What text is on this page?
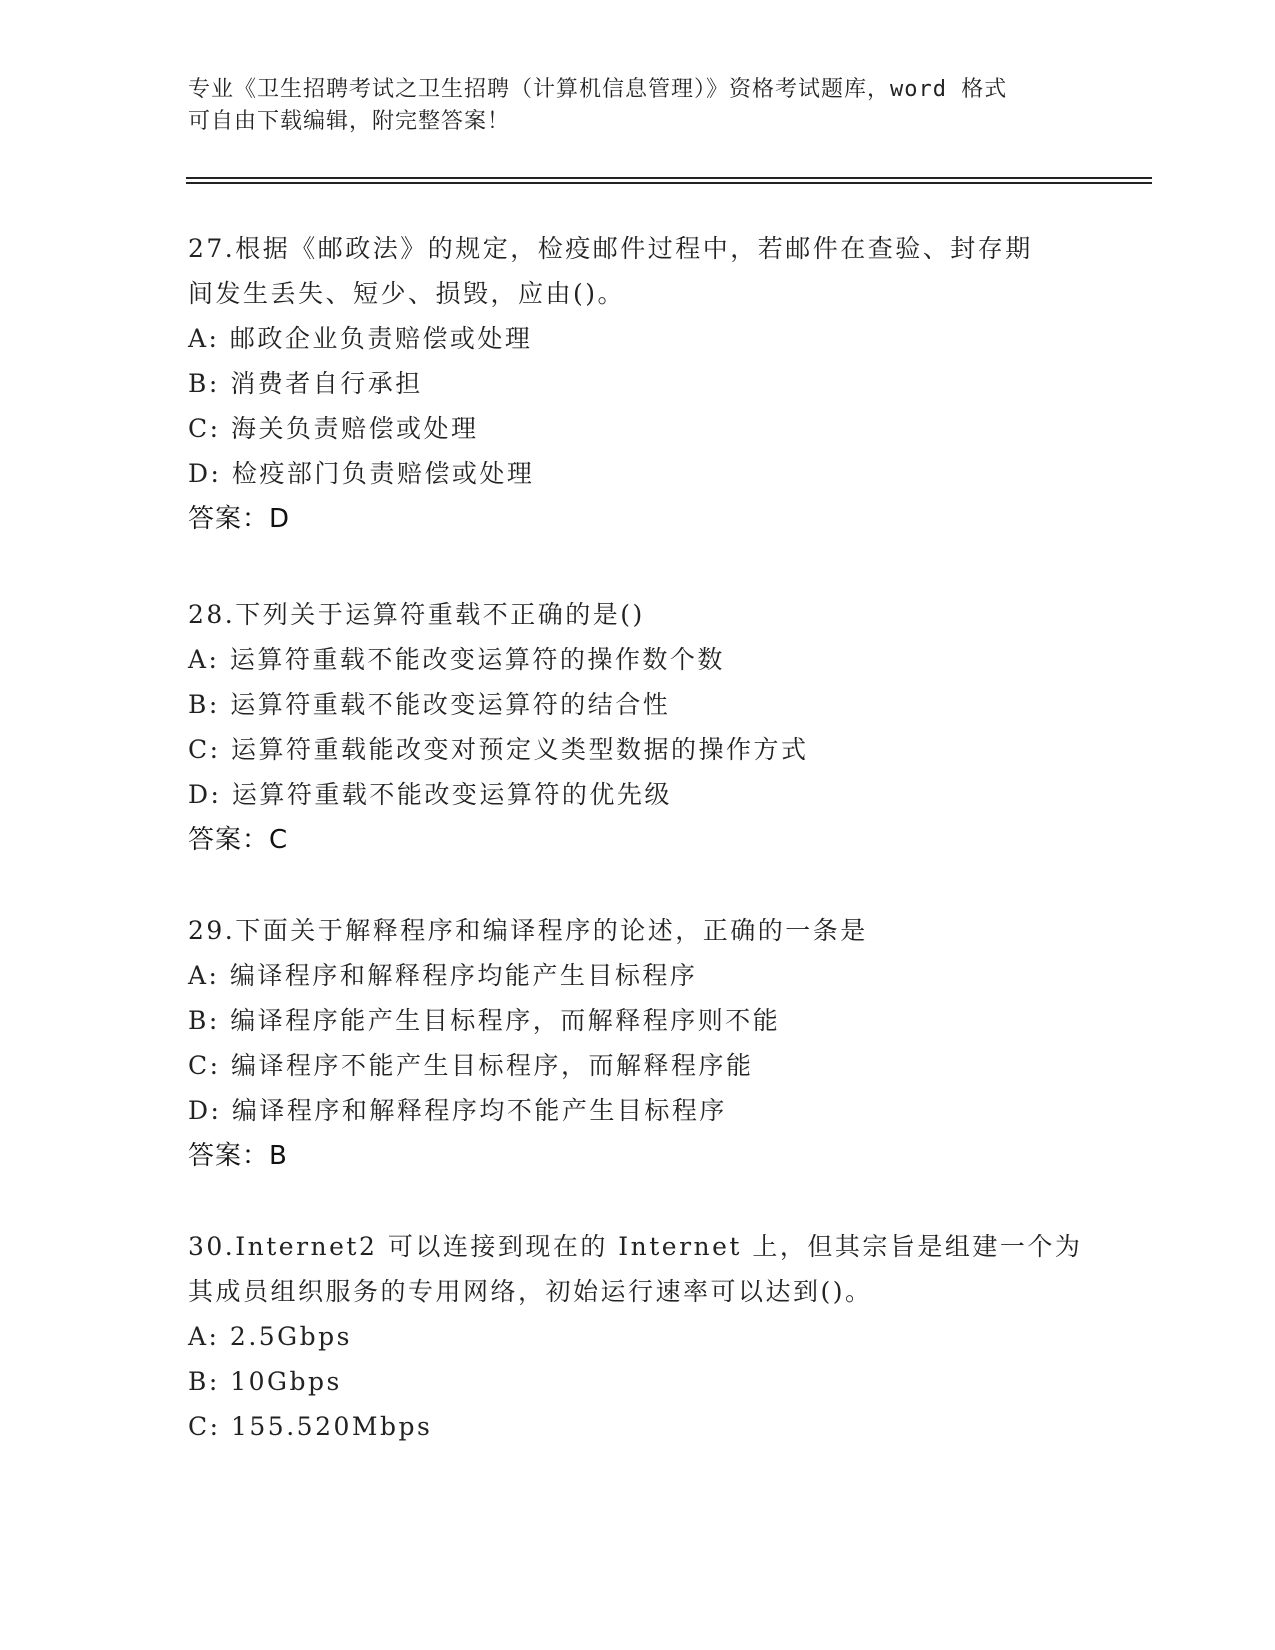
专业《卫生招聘考试之卫生招聘（计算机信息管理）》资格考试题库，word 格式
可自由下载编辑，附完整答案！
27.根据《邮政法》的规定，检疫邮件过程中，若邮件在查验、封存期
间发生丢失、短少、损毁，应由()。
A: 邮政企业负责赔偿或处理
B: 消费者自行承担
C: 海关负责赔偿或处理
D: 检疫部门负责赔偿或处理
答案：D
28.下列关于运算符重载不正确的是()
A: 运算符重载不能改变运算符的操作数个数
B: 运算符重载不能改变运算符的结合性
C: 运算符重载能改变对预定义类型数据的操作方式
D: 运算符重载不能改变运算符的优先级
答案：C
29.下面关于解释程序和编译程序的论述，正确的一条是
A: 编译程序和解释程序均能产生目标程序
B: 编译程序能产生目标程序，而解释程序则不能
C: 编译程序不能产生目标程序，而解释程序能
D: 编译程序和解释程序均不能产生目标程序
答案：B
30.Internet2 可以连接到现在的 Internet 上，但其宗旨是组建一个为
其成员组织服务的专用网络，初始运行速率可以达到()。
A: 2.5Gbps
B: 10Gbps
C: 155.520Mbps
